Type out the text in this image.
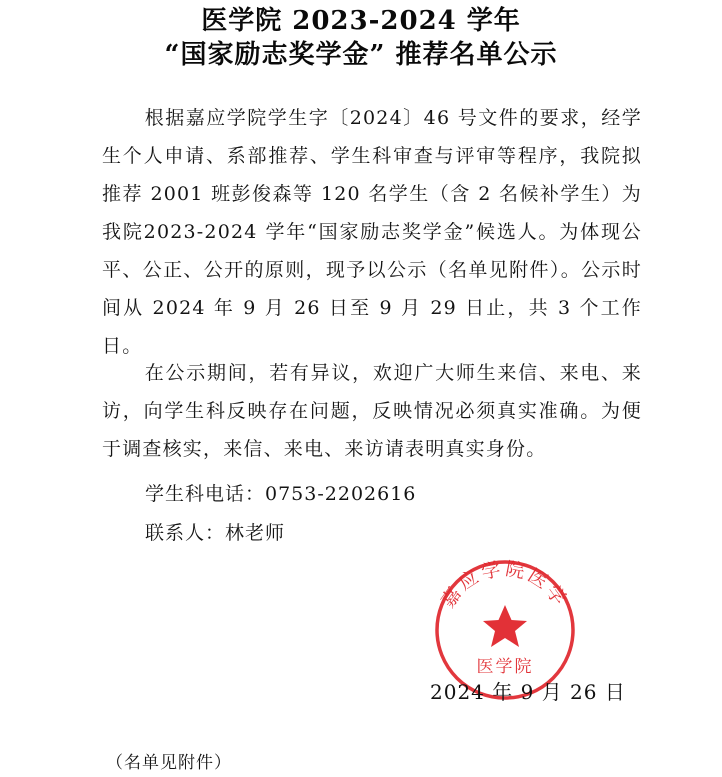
医学院 2023-2024 学年
“国家励志奖学金” 推荐名单公示

根据嘉应学院学生字〔2024〕46 号文件的要求，经学生个人申请、系部推荐、学生科审查与评审等程序，我院拟推荐 2001 班彭俊森等 120 名学生（含 2 名候补学生）为我院2023-2024 学年“国家励志奖学金”候选人。为体现公平、公正、公开的原则，现予以公示（名单见附件）。公示时间从 2024 年 9 月 26 日至 9 月 29 日止，共 3 个工作日。

在公示期间，若有异议，欢迎广大师生来信、来电、来访，向学生科反映存在问题，反映情况必须真实准确。为便于调查核实，来信、来电、来访请表明真实身份。

学生科电话：0753-2202616
联系人：林老师
嘉应学院医学
医学院
2024 年 9 月 26 日
（名单见附件）
